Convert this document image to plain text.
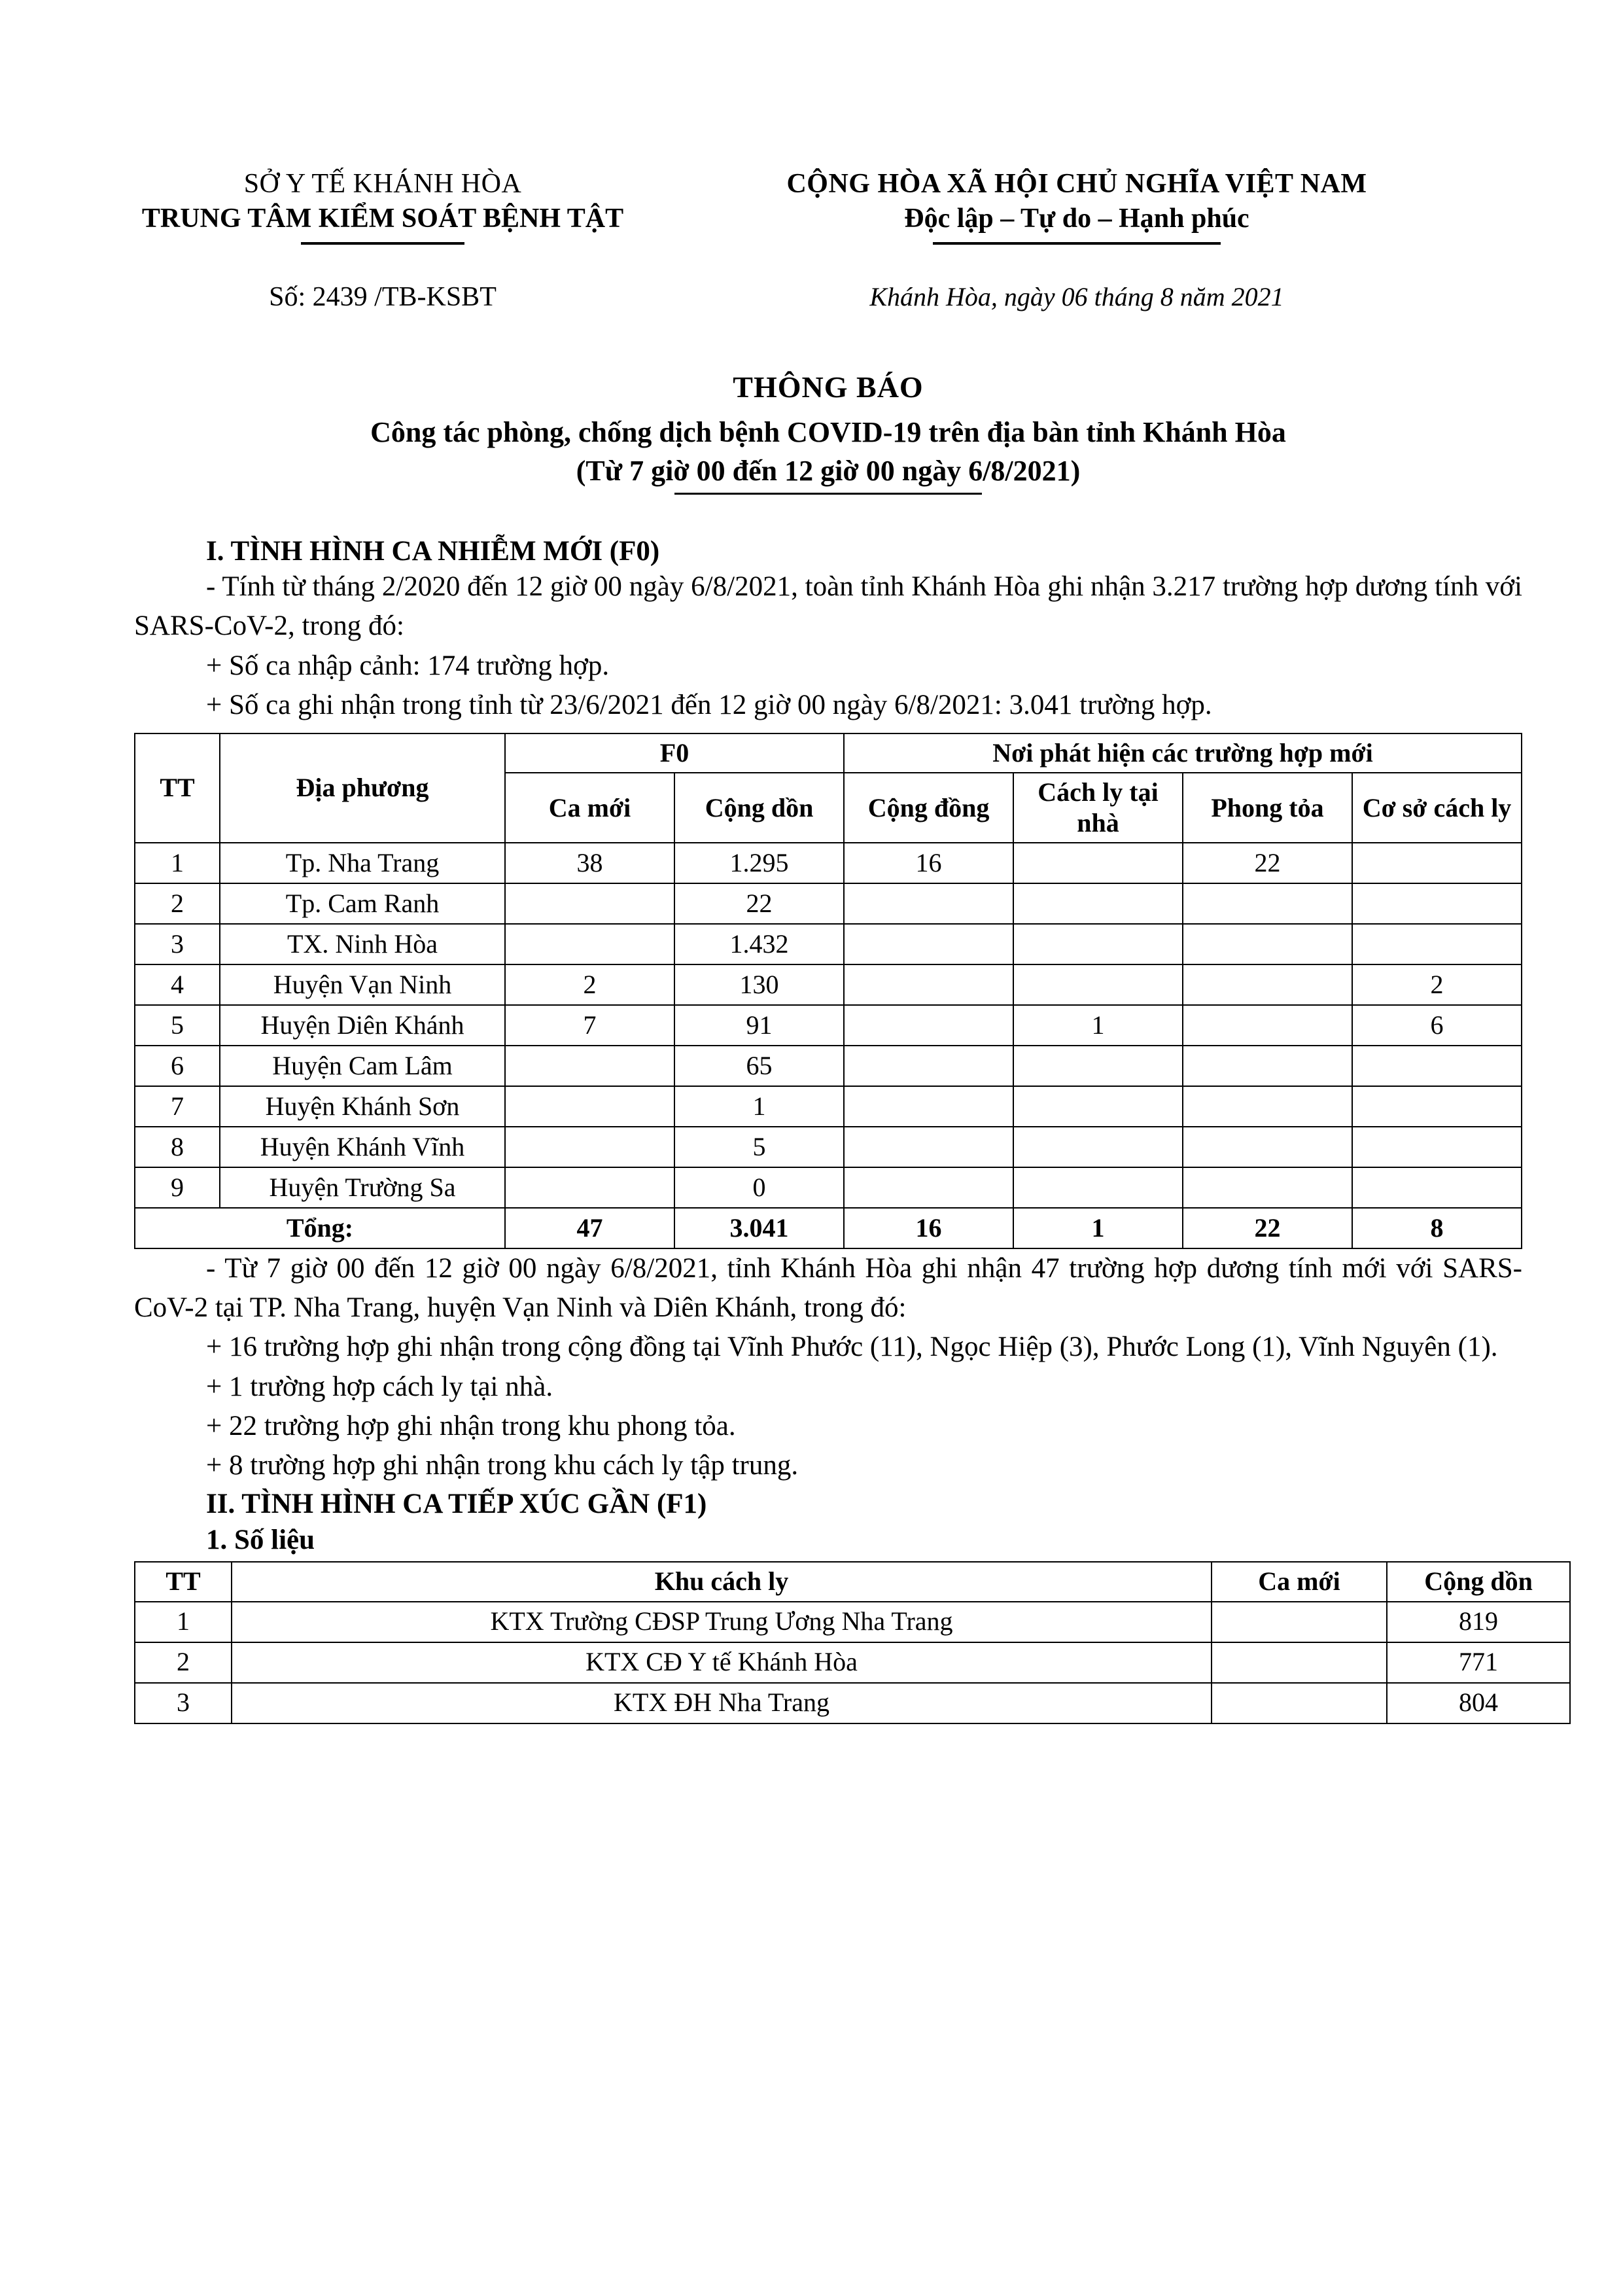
SỞ Y TẾ KHÁNH HÒA
TRUNG TÂM KIỂM SOÁT BỆNH TẬT
CỘNG HÒA XÃ HỘI CHỦ NGHĨA VIỆT NAM
Độc lập – Tự do – Hạnh phúc
Số: 2439 /TB-KSBT	Khánh Hòa, ngày 06 tháng 8 năm 2021
THÔNG BÁO
Công tác phòng, chống dịch bệnh COVID-19 trên địa bàn tỉnh Khánh Hòa
(Từ 7 giờ 00 đến 12 giờ 00 ngày 6/8/2021)
I. TÌNH HÌNH CA NHIỄM MỚI (F0)

- Tính từ tháng 2/2020 đến 12 giờ 00 ngày 6/8/2021, toàn tỉnh Khánh Hòa ghi nhận 3.217 trường hợp dương tính với SARS-CoV-2, trong đó:

+ Số ca nhập cảnh: 174 trường hợp.

+ Số ca ghi nhận trong tỉnh từ 23/6/2021 đến 12 giờ 00 ngày 6/8/2021: 3.041 trường hợp.

TT	Địa phương	F0		Nơi phát hiện các trường hợp mới			
		Ca mới	Cộng dồn	Cộng đồng	Cách ly tại nhà	Phong tỏa	Cơ sở cách ly
1	Tp. Nha Trang	38	1.295	16		22	
2	Tp. Cam Ranh		22				
3	TX. Ninh Hòa		1.432				
4	Huyện Vạn Ninh	2	130				2
5	Huyện Diên Khánh	7	91		1		6
6	Huyện Cam Lâm		65				
7	Huyện Khánh Sơn		1				
8	Huyện Khánh Vĩnh		5				
9	Huyện Trường Sa		0				
Tổng:		47	3.041	16	1	22	8

- Từ 7 giờ 00 đến 12 giờ 00 ngày 6/8/2021, tỉnh Khánh Hòa ghi nhận 47 trường hợp dương tính mới với SARS-CoV-2 tại TP. Nha Trang, huyện Vạn Ninh và Diên Khánh, trong đó:

+ 16 trường hợp ghi nhận trong cộng đồng tại Vĩnh Phước (11), Ngọc Hiệp (3), Phước Long (1), Vĩnh Nguyên (1).

+ 1 trường hợp cách ly tại nhà.

+ 22 trường hợp ghi nhận trong khu phong tỏa.

+ 8 trường hợp ghi nhận trong khu cách ly tập trung.

II. TÌNH HÌNH CA TIẾP XÚC GẦN (F1)
1. Số liệu
TT	Khu cách ly	Ca mới	Cộng dồn
1	KTX Trường CĐSP Trung Ương Nha Trang		819
2	KTX CĐ Y tế Khánh Hòa		771
3	KTX ĐH Nha Trang		804
